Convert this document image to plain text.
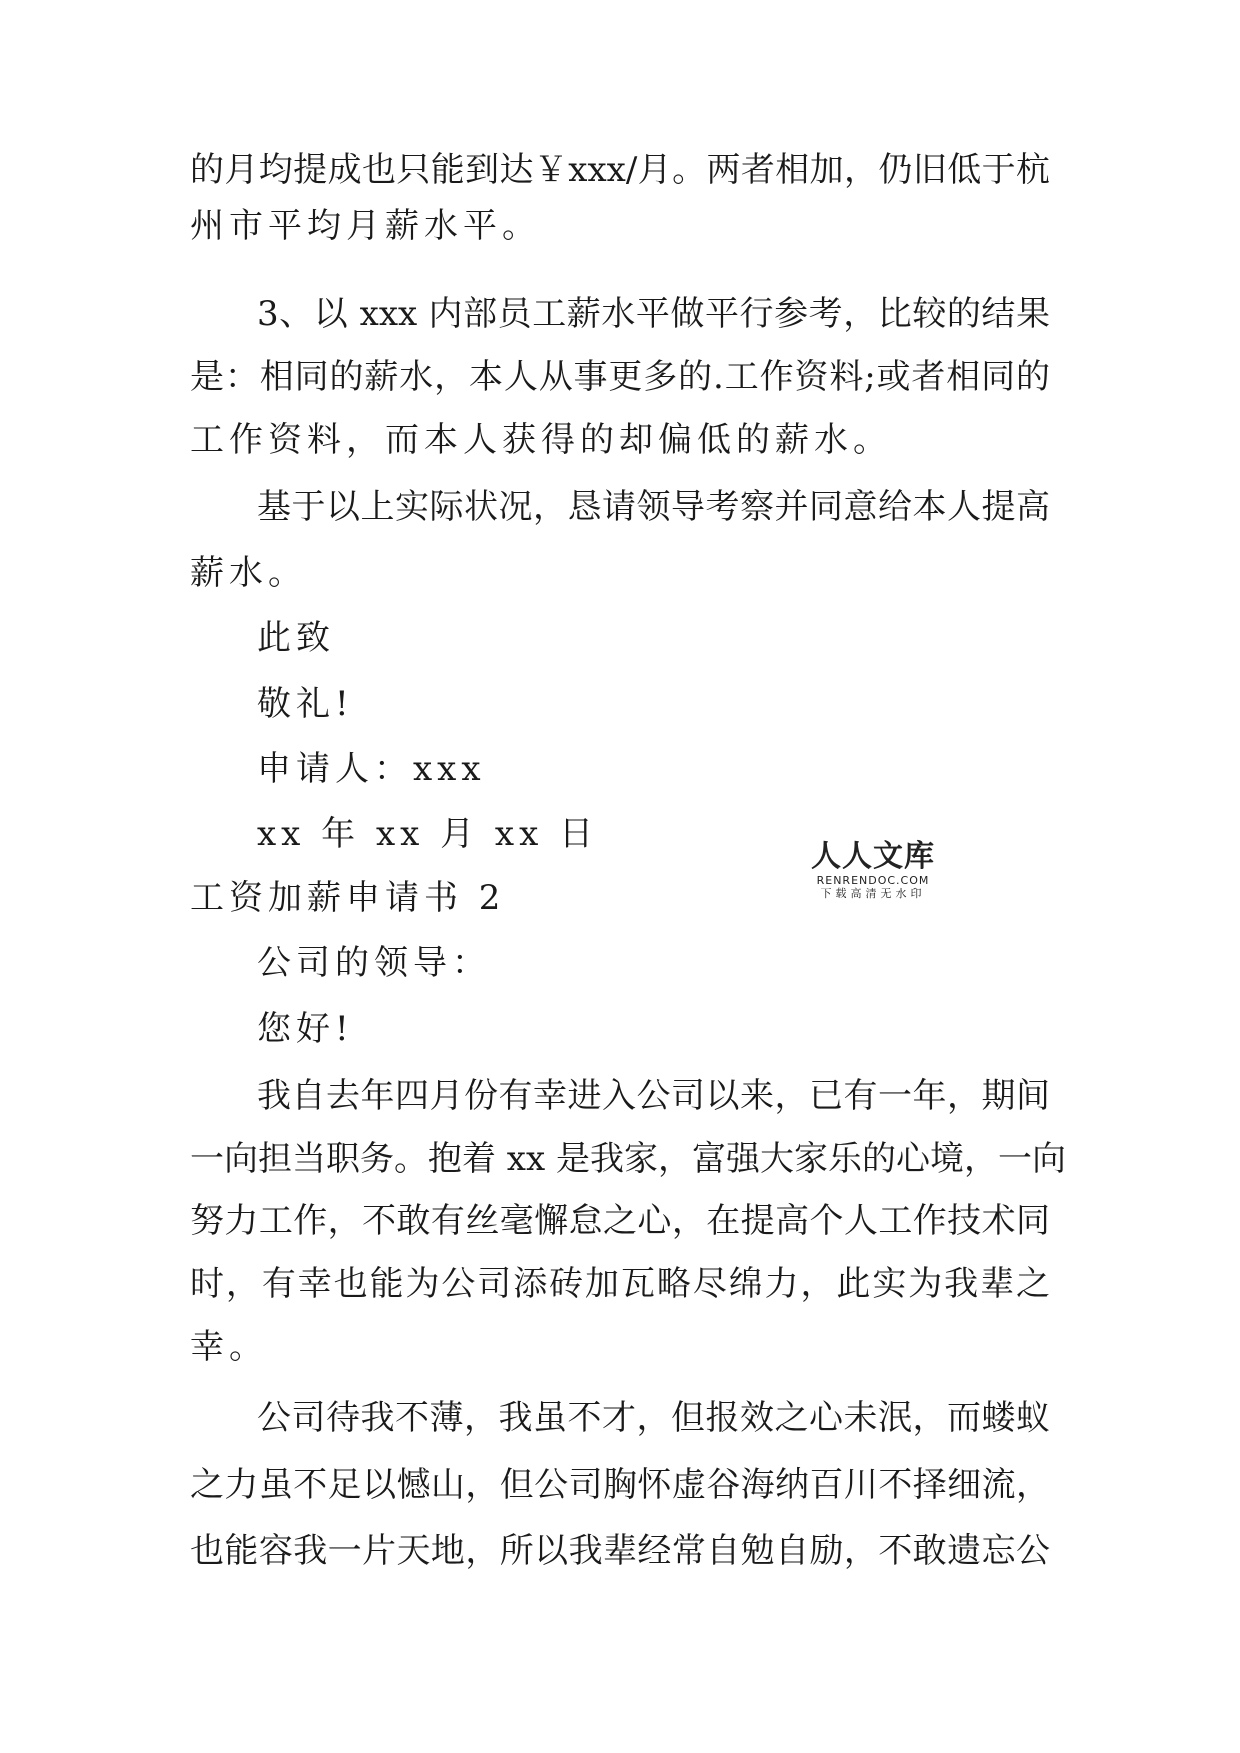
的月均提成也只能到达￥xxx/月。两者相加，仍旧低于杭
州市平均月薪水平。
3、以 xxx 内部员工薪水平做平行参考，比较的结果
是：相同的薪水，本人从事更多的.工作资料;或者相同的
工作资料，而本人获得的却偏低的薪水。
基于以上实际状况，恳请领导考察并同意给本人提高
薪水。
此致
敬礼!
申请人：xxx
xx 年 xx 月 xx 日
工资加薪申请书 2
公司的领导：
您好!
我自去年四月份有幸进入公司以来，已有一年，期间
一向担当职务。抱着 xx 是我家，富强大家乐的心境，一向
努力工作，不敢有丝毫懈怠之心，在提高个人工作技术同
时，有幸也能为公司添砖加瓦略尽绵力，此实为我辈之
幸。
公司待我不薄，我虽不才，但报效之心未泯，而蝼蚁
之力虽不足以憾山，但公司胸怀虚谷海纳百川不择细流，
也能容我一片天地，所以我辈经常自勉自励，不敢遗忘公
人人文库
RENRENDOC.COM
下载高清无水印
